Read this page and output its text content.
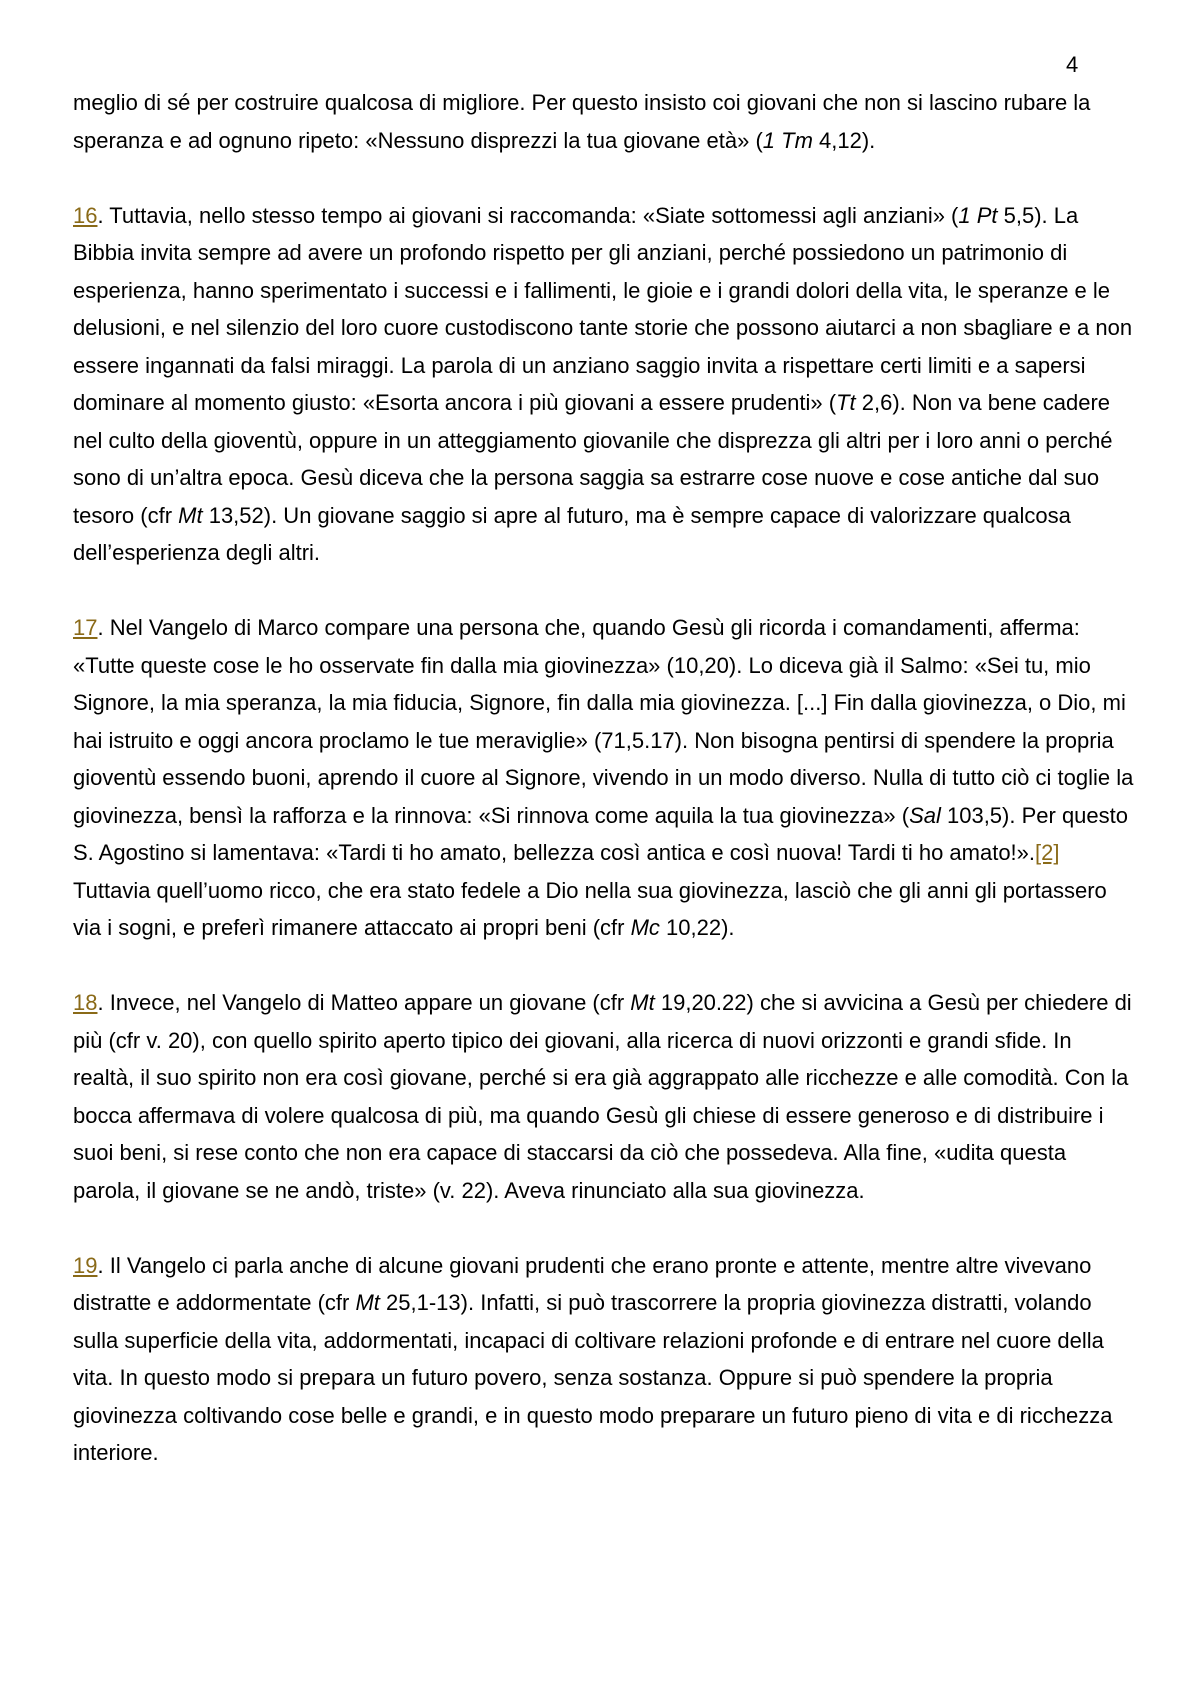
4

meglio di sé per costruire qualcosa di migliore. Per questo insisto coi giovani che non si lascino rubare la speranza e ad ognuno ripeto: «Nessuno disprezzi la tua giovane età» (1 Tm 4,12).

16. Tuttavia, nello stesso tempo ai giovani si raccomanda: «Siate sottomessi agli anziani» (1 Pt 5,5). La Bibbia invita sempre ad avere un profondo rispetto per gli anziani, perché possiedono un patrimonio di esperienza, hanno sperimentato i successi e i fallimenti, le gioie e i grandi dolori della vita, le speranze e le delusioni, e nel silenzio del loro cuore custodiscono tante storie che possono aiutarci a non sbagliare e a non essere ingannati da falsi miraggi. La parola di un anziano saggio invita a rispettare certi limiti e a sapersi dominare al momento giusto: «Esorta ancora i più giovani a essere prudenti» (Tt 2,6). Non va bene cadere nel culto della gioventù, oppure in un atteggiamento giovanile che disprezza gli altri per i loro anni o perché sono di un’altra epoca. Gesù diceva che la persona saggia sa estrarre cose nuove e cose antiche dal suo tesoro (cfr Mt 13,52). Un giovane saggio si apre al futuro, ma è sempre capace di valorizzare qualcosa dell’esperienza degli altri.

17. Nel Vangelo di Marco compare una persona che, quando Gesù gli ricorda i comandamenti, afferma: «Tutte queste cose le ho osservate fin dalla mia giovinezza» (10,20). Lo diceva già il Salmo: «Sei tu, mio Signore, la mia speranza, la mia fiducia, Signore, fin dalla mia giovinezza. [...] Fin dalla giovinezza, o Dio, mi hai istruito e oggi ancora proclamo le tue meraviglie» (71,5.17). Non bisogna pentirsi di spendere la propria gioventù essendo buoni, aprendo il cuore al Signore, vivendo in un modo diverso. Nulla di tutto ciò ci toglie la giovinezza, bensì la rafforza e la rinnova: «Si rinnova come aquila la tua giovinezza» (Sal 103,5). Per questo S. Agostino si lamentava: «Tardi ti ho amato, bellezza così antica e così nuova! Tardi ti ho amato!».[2] Tuttavia quell’uomo ricco, che era stato fedele a Dio nella sua giovinezza, lasciò che gli anni gli portassero via i sogni, e preferì rimanere attaccato ai propri beni (cfr Mc 10,22).

18. Invece, nel Vangelo di Matteo appare un giovane (cfr Mt 19,20.22) che si avvicina a Gesù per chiedere di più (cfr v. 20), con quello spirito aperto tipico dei giovani, alla ricerca di nuovi orizzonti e grandi sfide. In realtà, il suo spirito non era così giovane, perché si era già aggrappato alle ricchezze e alle comodità. Con la bocca affermava di volere qualcosa di più, ma quando Gesù gli chiese di essere generoso e di distribuire i suoi beni, si rese conto che non era capace di staccarsi da ciò che possedeva. Alla fine, «udita questa parola, il giovane se ne andò, triste» (v. 22). Aveva rinunciato alla sua giovinezza.

19. Il Vangelo ci parla anche di alcune giovani prudenti che erano pronte e attente, mentre altre vivevano distratte e addormentate (cfr Mt 25,1-13). Infatti, si può trascorrere la propria giovinezza distratti, volando sulla superficie della vita, addormentati, incapaci di coltivare relazioni profonde e di entrare nel cuore della vita. In questo modo si prepara un futuro povero, senza sostanza. Oppure si può spendere la propria giovinezza coltivando cose belle e grandi, e in questo modo preparare un futuro pieno di vita e di ricchezza interiore.
